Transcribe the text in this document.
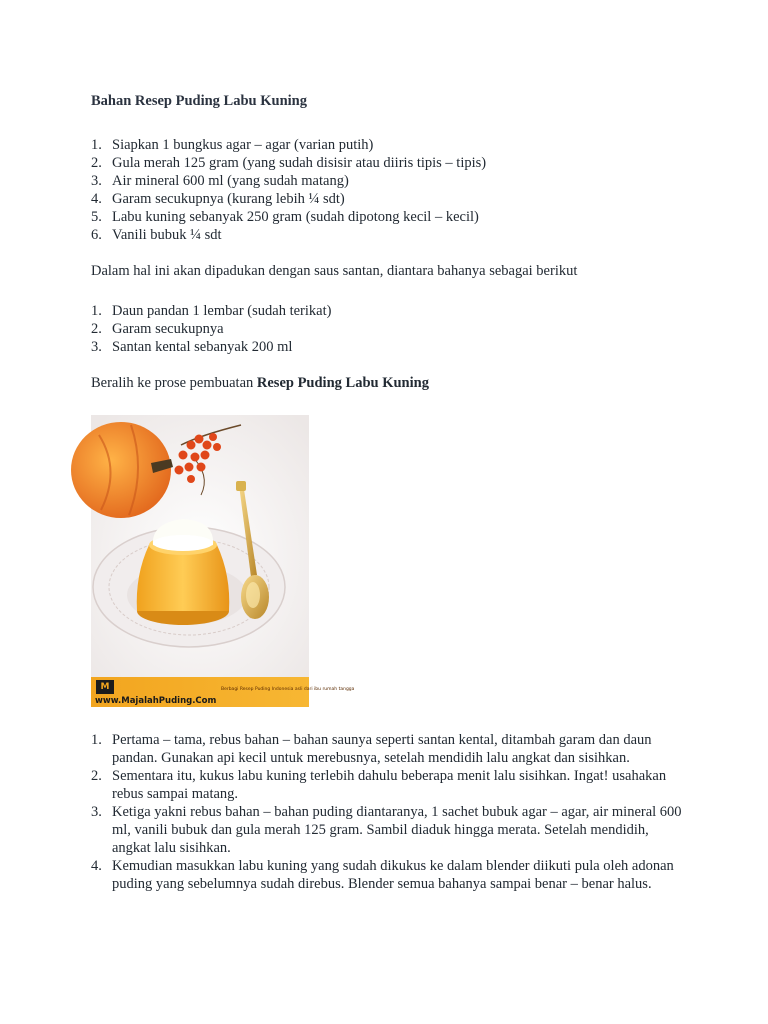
Bahan Resep Puding Labu Kuning
1. Siapkan 1 bungkus agar – agar (varian putih)
2. Gula merah 125 gram (yang sudah disisir atau diiris tipis – tipis)
3. Air mineral 600 ml (yang sudah matang)
4. Garam secukupnya (kurang lebih ¼ sdt)
5. Labu kuning sebanyak 250 gram (sudah dipotong kecil – kecil)
6. Vanili bubuk ¼ sdt

Dalam hal ini akan dipadukan dengan saus santan, diantara bahanya sebagai berikut

1. Daun pandan 1 lembar (sudah terikat)
2. Garam secukupnya
3. Santan kental sebanyak 200 ml

Beralih ke prose pembuatan Resep Puding Labu Kuning

M	Berbagi Resep Puding Indonesia asli dari ibu rumah tangga
www.MajalahPuding.Com
1. Pertama – tama, rebus bahan – bahan saunya seperti santan kental, ditambah garam dan daun pandan. Gunakan api kecil untuk merebusnya, setelah mendidih lalu angkat dan sisihkan.
2. Sementara itu, kukus labu kuning terlebih dahulu beberapa menit lalu sisihkan. Ingat! usahakan rebus sampai matang.
3. Ketiga yakni rebus bahan – bahan puding diantaranya, 1 sachet bubuk agar – agar, air mineral 600 ml, vanili bubuk dan gula merah 125 gram. Sambil diaduk hingga merata. Setelah mendidih, angkat lalu sisihkan.
4. Kemudian masukkan labu kuning yang sudah dikukus ke dalam blender diikuti pula oleh adonan puding yang sebelumnya sudah direbus. Blender semua bahanya sampai benar – benar halus.
